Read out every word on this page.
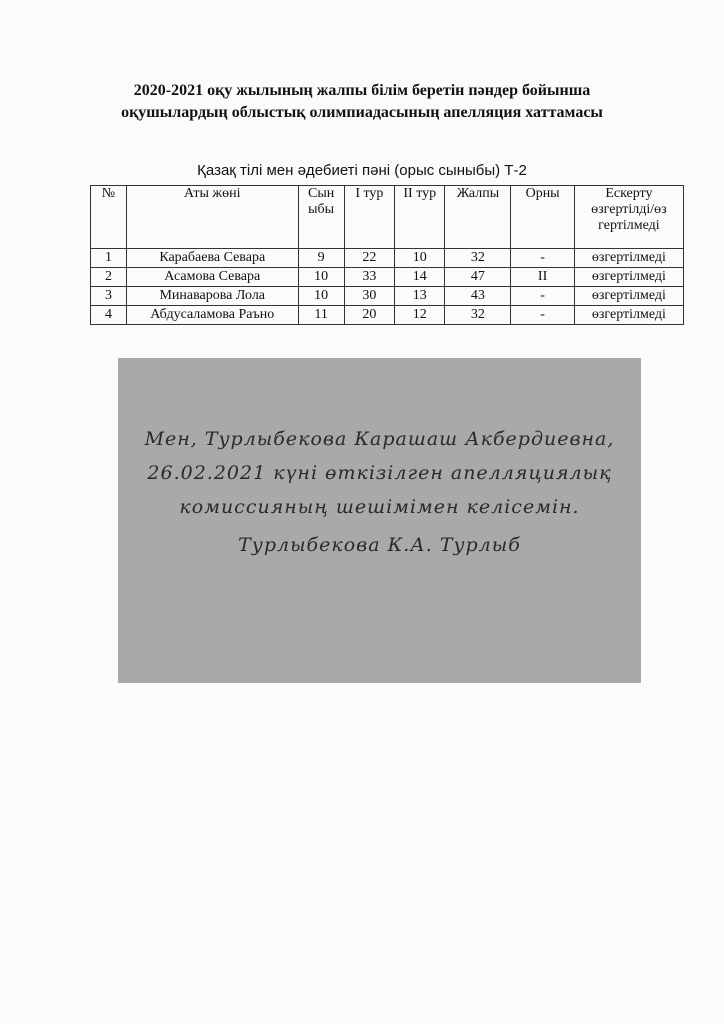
2020-2021 оқу жылының жалпы білім беретін пәндер бойынша
оқушылардың облыстық олимпиадасының апелляция хаттамасы
Қазақ тілі мен әдебиеті пәні (орыс сыныбы) Т-2
№	Аты жөні	Сын ыбы	I тур	II тур	Жалпы	Орны	Ескерту өзгертілді/өз гертілмеді
1	Карабаева Севара	9	22	10	32	-	өзгертілмеді
2	Асамова Севара	10	33	14	47	II	өзгертілмеді
3	Минаварова Лола	10	30	13	43	-	өзгертілмеді
4	Абдусаламова Раъно	11	20	12	32	-	өзгертілмеді
Мен, Турлыбекова Карашаш Акбердиевна,
26.02.2021 күні өткізілген апелляциялық
комиссияның шешімімен келісемін.
Турлыбекова К.А. Турлыб
